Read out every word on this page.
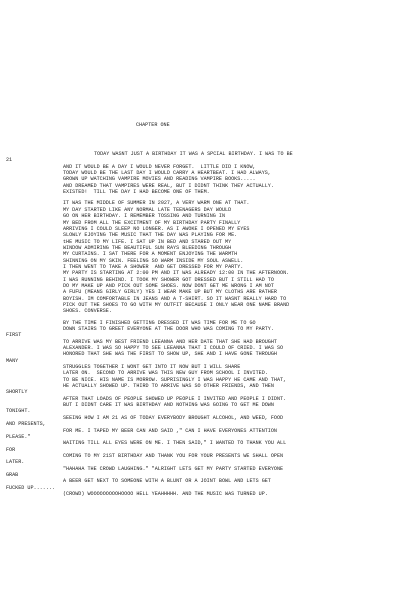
CHAPTER ONE

TODAY WASNT JUST A BIRTHDAY IT WAS A SPCIAL BIRTHDAY. I WAS TO BE
21
AND IT WOULD BE A DAY I WOULD NEVER FORGET.  LITTLE DID I KNOW,
TODAY WOULD BE THE LAST DAY I WOULD CARRY A HEARTBEAT. I HAD ALWAYS,
GROWN UP WATCHING VAMPIRE MOVIES AND READING VAMPIRE BOOKS.....
AND DREAMED THAT VAMPIRES WERE REAL, BUT I DIDNT THINK THEY ACTUALLY.
EXISTED!  TILL THE DAY I HAD BECOME ONE OF THEM.
IT WAS THE MIDDLE OF SUMMER IN 2027, A VERY WARM ONE AT THAT.
MY DAY STARTED LIKE ANY NORMAL LATE TEENAGERS DAY WOULD
GO ON HER BIRTHDAY. I REMEMBER TOSSING AND TURNING IN
MY BED FROM ALL THE EXCITMENT OF MY BIRTHDAY PARTY FINALLY
ARRIVING I COULD SLEEP NO LONGER. AS I AWOKE I OPENED MY EYES
SLOWLY EJOYING THE MUSIC THAT THE DAY WAS PLAYING FOR ME.
tHE MUSIC TO MY LIFE. I SAT UP IN BED AND STARED OUT MY
WINDOW ADMIRING THE BEAUTIFUL SUN RAYS BLEEDING THROUGH
MY CURTAINS. I SAT THERE FOR A MOMENT ENJOYING THE WARMTH
SHINNING ON MY SKIN. FEELING SO WARM INSIDE MY SOUL ASWELL.
I THEN WENT TO TAKE A SHOWER  AND GET DRESSED FOR MY PARTY.
MY PARTY IS STARTING AT 2:00 PM AND IT WAS ALREADY 12:00 IN THE AFTERNOON.
I WAS RUNNING BEHIND. I TOOK MY SHOWER GOT DRESSED BUT I STILL HAD TO
DO MY MAKE UP AND PICK OUT SOME SHOES. NOW DONT GET ME WRONG I AM NOT
A FUFU (MEANS GIRLY GIRLY) YES I WEAR MAKE UP BUT MY CLOTHS ARE RATHER
BOYISH. IM COMFORTABLE IN JEANS AND A T-SHIRT. SO IT WASNT REALLY HARD TO
PICK OUT THE SHOES TO GO WITH MY OUTFIT BECAUSE I ONLY WEAR ONE NAME BRAND
SHOES. CONVERSE.
BY THE TIME I FINISHED GETTING DRESSED IT WAS TIME FOR ME TO GO
DOWN STAIRS TO GREET EVERYONE AT THE DOOR WHO WAS COMING TO MY PARTY.
FIRST
TO ARRIVE WAS MY BEST FRIEND LEEANNA AND HER DATE THAT SHE HAD BROUGHT
ALEXANDER. I WAS SO HAPPY TO SEE LEEANNA THAT I COULD OF CRIED. I WAS SO
HONORED THAT SHE WAS THE FIRST TO SHOW UP, SHE AND I HAVE GONE THROUGH
MANY
STRUGGLES TOGETHER I WONT GET INTO IT NOW BUT I WILL SHARE
LATER ON.  SECOND TO ARRIVE WAS THIS NEW GUY FROM SCHOOL I INVITED.
TO BE NICE. HIS NAME IS MORROW. SUPRISINGLY I WAS HAPPY HE CAME AND THAT,
HE ACTUALLY SHOWED UP. THIRD TO ARRIVE WAS SO OTHER FRIENDS, AND THEN
SHORTLY
AFTER THAT LOADS OF PEOPLE SHOWED UP PEOPLE I INVITED AND PEOPLE I DIDNT.
BUT I DIDNT CARE IT WAS BIRTHDAY AND NOTHING WAS GOING TO GET ME DOWN
TONIGHT.
SEEING HOW I AM 21 AS OF TODAY EVERYBODY BROUGHT ALCOHOL, AND WEED, FOOD
AND PRESENTS,
FOR ME. I TAPED MY BEER CAN AND SAID ," CAN I HAVE EVERYONES ATTENTION
PLEASE."
WAITING TILL ALL EYES WERE ON ME. I THEN SAID," I WANTED TO THANK YOU ALL
FOR
COMING TO MY 21ST BIRTHDAY AND THANK YOU FOR YOUR PRESENTS WE SHALL OPEN
LATER.
"HAHAHA THE CROWD LAUGHING." "ALRIGHT LETS GET MY PARTY STARTED EVERYONE
GRAB
A BEER GET NEXT TO SOMEONE WITH A BLUNT OR A JOINT BOWL AND LETS GET
FUCKED UP.......
(CROWD) WOOOOOOOOOHOOOO HELL YEAHHHHH. AND THE MUSIC WAS TURNED UP.
